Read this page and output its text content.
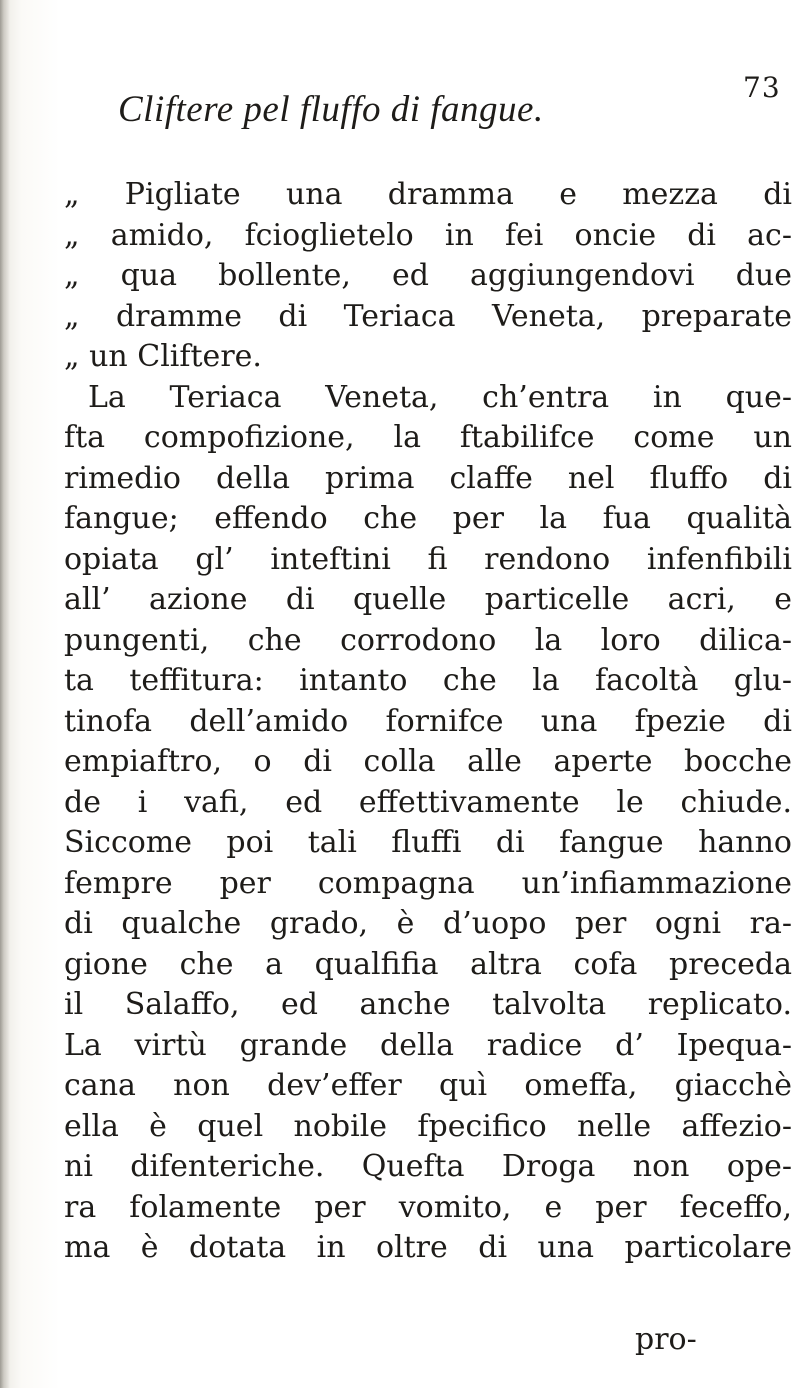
73
Cliftere pel fluffo di fangue.
„ Pigliate una dramma e mezza di
„ amido, fcioglietelo in fei oncie di ac-
„ qua bollente, ed aggiungendovi due
„ dramme di Teriaca Veneta, preparate
„ un Cliftere.
La Teriaca Veneta, ch’entra in que-
fta compofizione, la ftabilifce come un
rimedio della prima claffe nel fluffo di
fangue; effendo che per la fua qualità
opiata gl’ inteftini fi rendono infenfibili
all’ azione di quelle particelle acri, e
pungenti, che corrodono la loro dilica-
ta teffitura: intanto che la facoltà glu-
tinofa dell’amido fornifce una fpezie di
empiaftro, o di colla alle aperte bocche
de i vafi, ed effettivamente le chiude.
Siccome poi tali fluffi di fangue hanno
fempre per compagna un’infiammazione
di qualche grado, è d’uopo per ogni ra-
gione che a qualfifia altra cofa preceda
il Salaffo, ed anche talvolta replicato.
La virtù grande della radice d’ Ipequa-
cana non dev’effer quì omeffa, giacchè
ella è quel nobile fpecifico nelle affezio-
ni difenteriche. Quefta Droga non ope-
ra folamente per vomito, e per feceffo,
ma è dotata in oltre di una particolare
pro-
